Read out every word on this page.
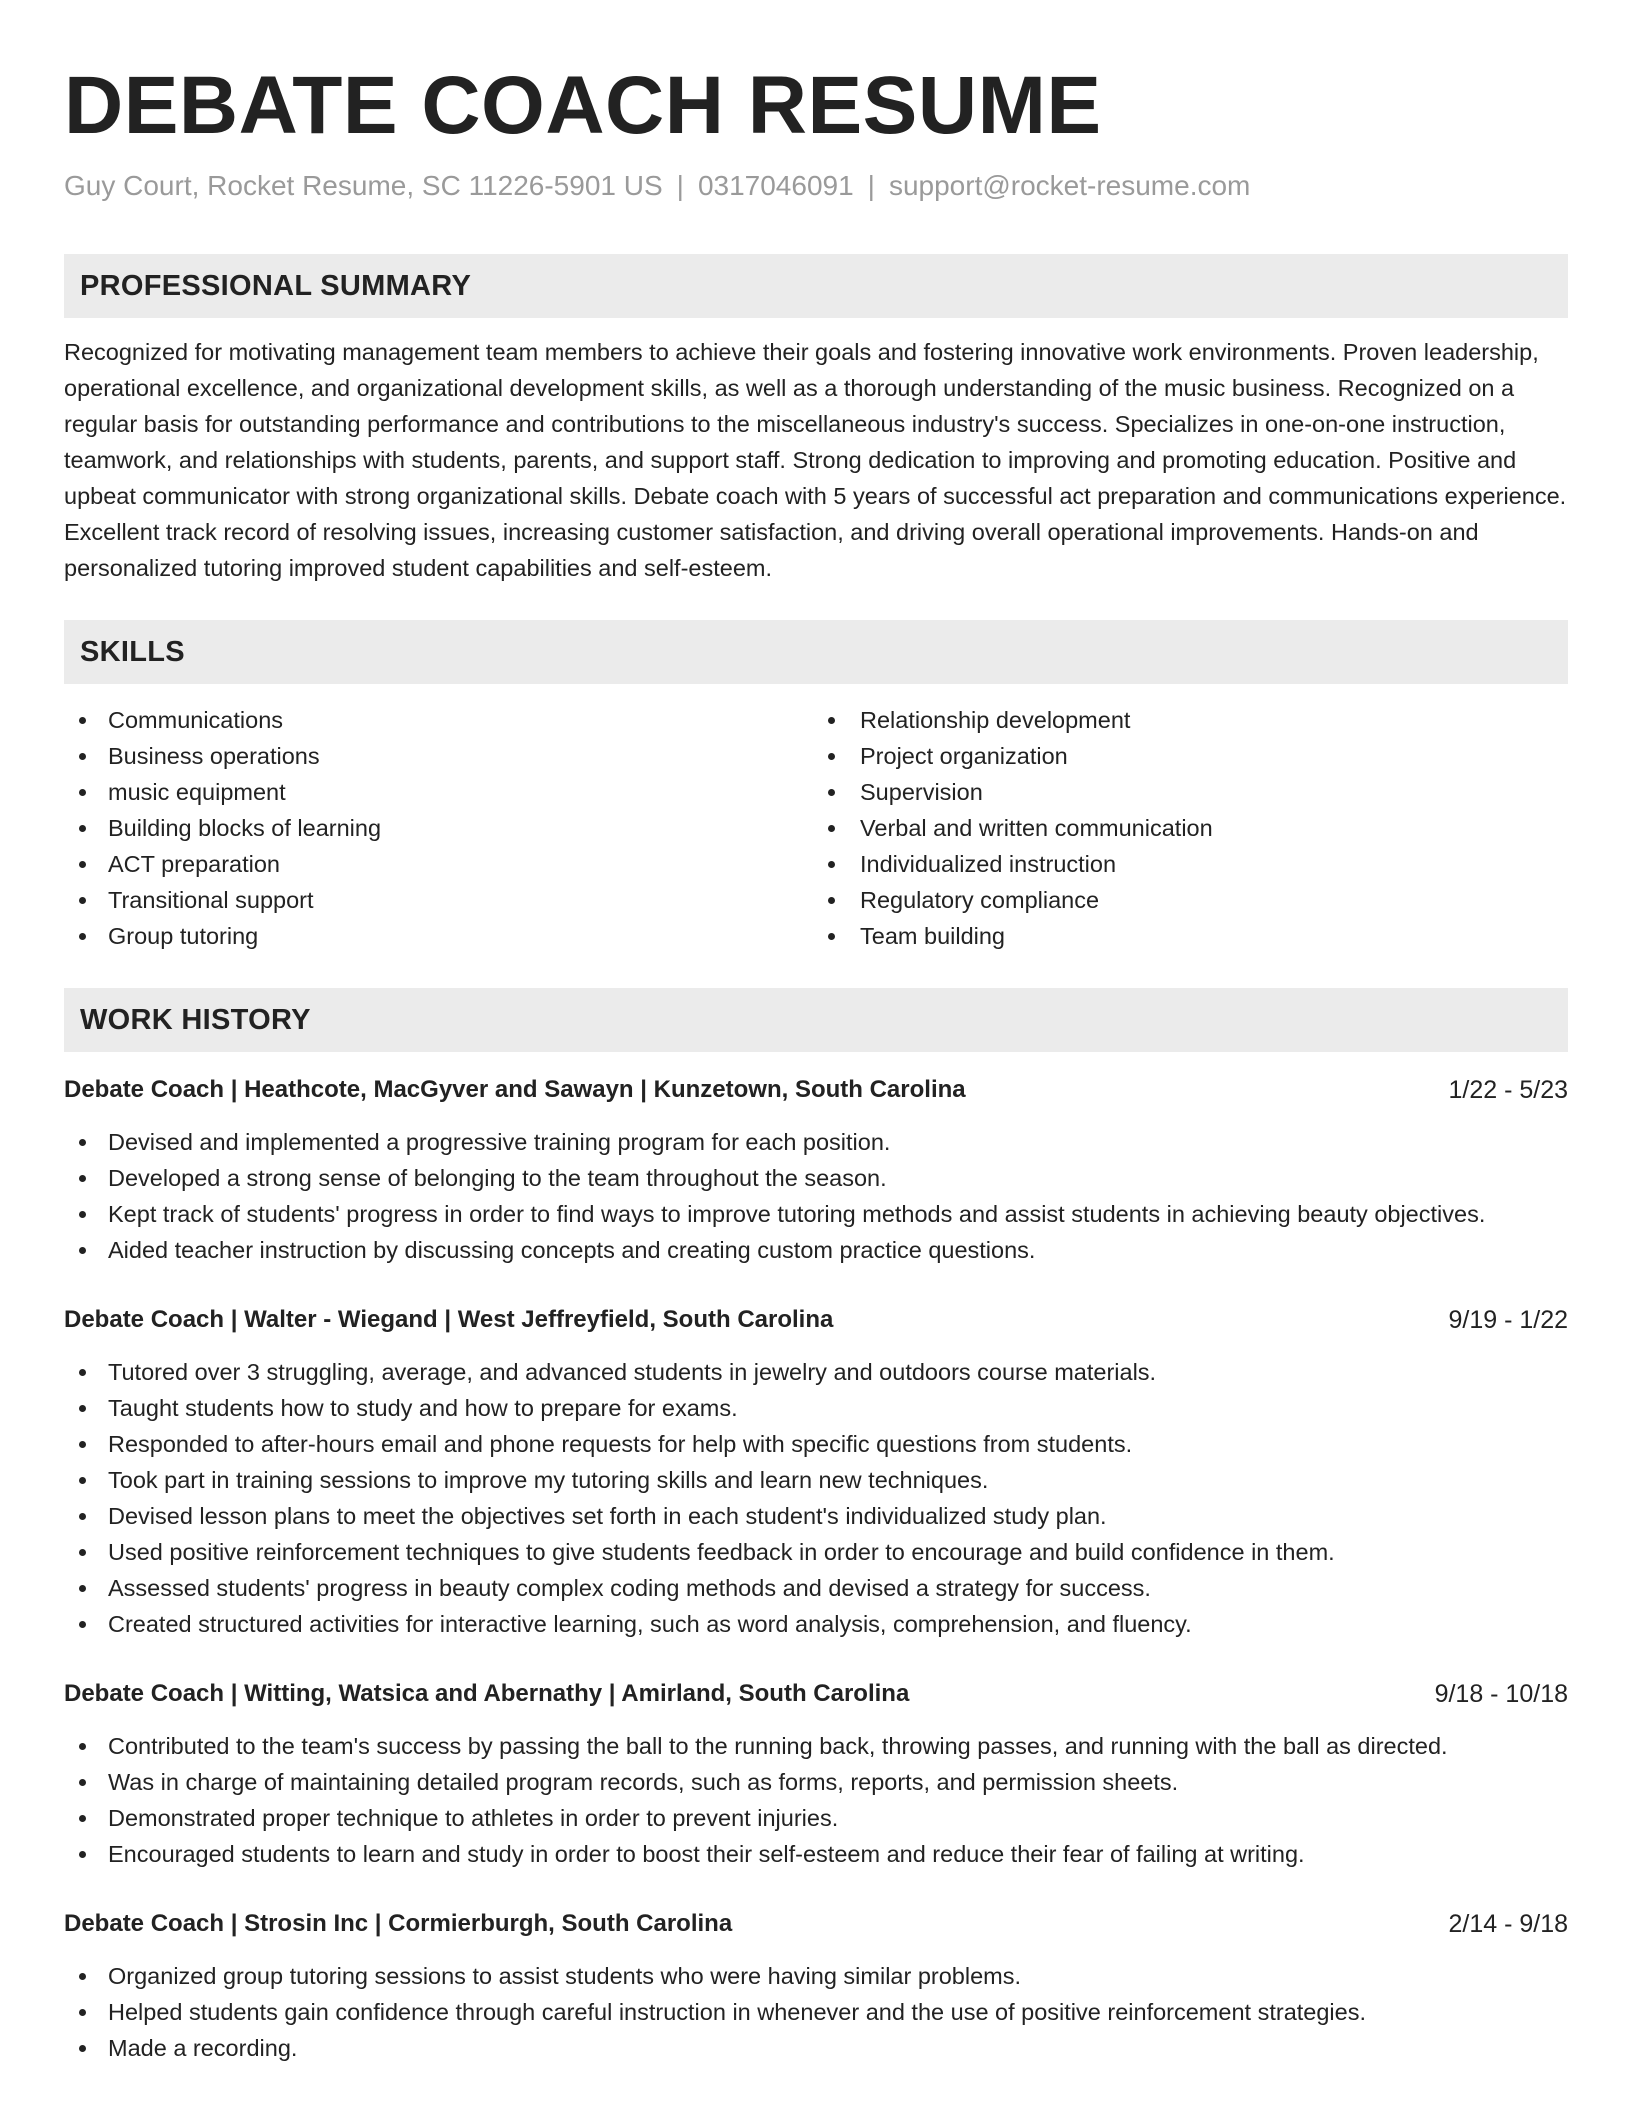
DEBATE COACH RESUME
Guy Court, Rocket Resume, SC 11226-5901 US | 0317046091 | support@rocket-resume.com
PROFESSIONAL SUMMARY

Recognized for motivating management team members to achieve their goals and fostering innovative work environments. Proven leadership, operational excellence, and organizational development skills, as well as a thorough understanding of the music business. Recognized on a regular basis for outstanding performance and contributions to the miscellaneous industry's success. Specializes in one-on-one instruction, teamwork, and relationships with students, parents, and support staff. Strong dedication to improving and promoting education. Positive and upbeat communicator with strong organizational skills. Debate coach with 5 years of successful act preparation and communications experience. Excellent track record of resolving issues, increasing customer satisfaction, and driving overall operational improvements. Hands-on and personalized tutoring improved student capabilities and self-esteem.

SKILLS
Communications
Business operations
music equipment
Building blocks of learning
ACT preparation
Transitional support
Group tutoring
Relationship development
Project organization
Supervision
Verbal and written communication
Individualized instruction
Regulatory compliance
Team building
WORK HISTORY
Debate Coach | Heathcote, MacGyver and Sawayn | Kunzetown, South Carolina	1/22 - 5/23
Devised and implemented a progressive training program for each position.
Developed a strong sense of belonging to the team throughout the season.
Kept track of students' progress in order to find ways to improve tutoring methods and assist students in achieving beauty objectives.
Aided teacher instruction by discussing concepts and creating custom practice questions.
Debate Coach | Walter - Wiegand | West Jeffreyfield, South Carolina	9/19 - 1/22
Tutored over 3 struggling, average, and advanced students in jewelry and outdoors course materials.
Taught students how to study and how to prepare for exams.
Responded to after-hours email and phone requests for help with specific questions from students.
Took part in training sessions to improve my tutoring skills and learn new techniques.
Devised lesson plans to meet the objectives set forth in each student's individualized study plan.
Used positive reinforcement techniques to give students feedback in order to encourage and build confidence in them.
Assessed students' progress in beauty complex coding methods and devised a strategy for success.
Created structured activities for interactive learning, such as word analysis, comprehension, and fluency.
Debate Coach | Witting, Watsica and Abernathy | Amirland, South Carolina	9/18 - 10/18
Contributed to the team's success by passing the ball to the running back, throwing passes, and running with the ball as directed.
Was in charge of maintaining detailed program records, such as forms, reports, and permission sheets.
Demonstrated proper technique to athletes in order to prevent injuries.
Encouraged students to learn and study in order to boost their self-esteem and reduce their fear of failing at writing.
Debate Coach | Strosin Inc | Cormierburgh, South Carolina	2/14 - 9/18
Organized group tutoring sessions to assist students who were having similar problems.
Helped students gain confidence through careful instruction in whenever and the use of positive reinforcement strategies.
Made a recording.
